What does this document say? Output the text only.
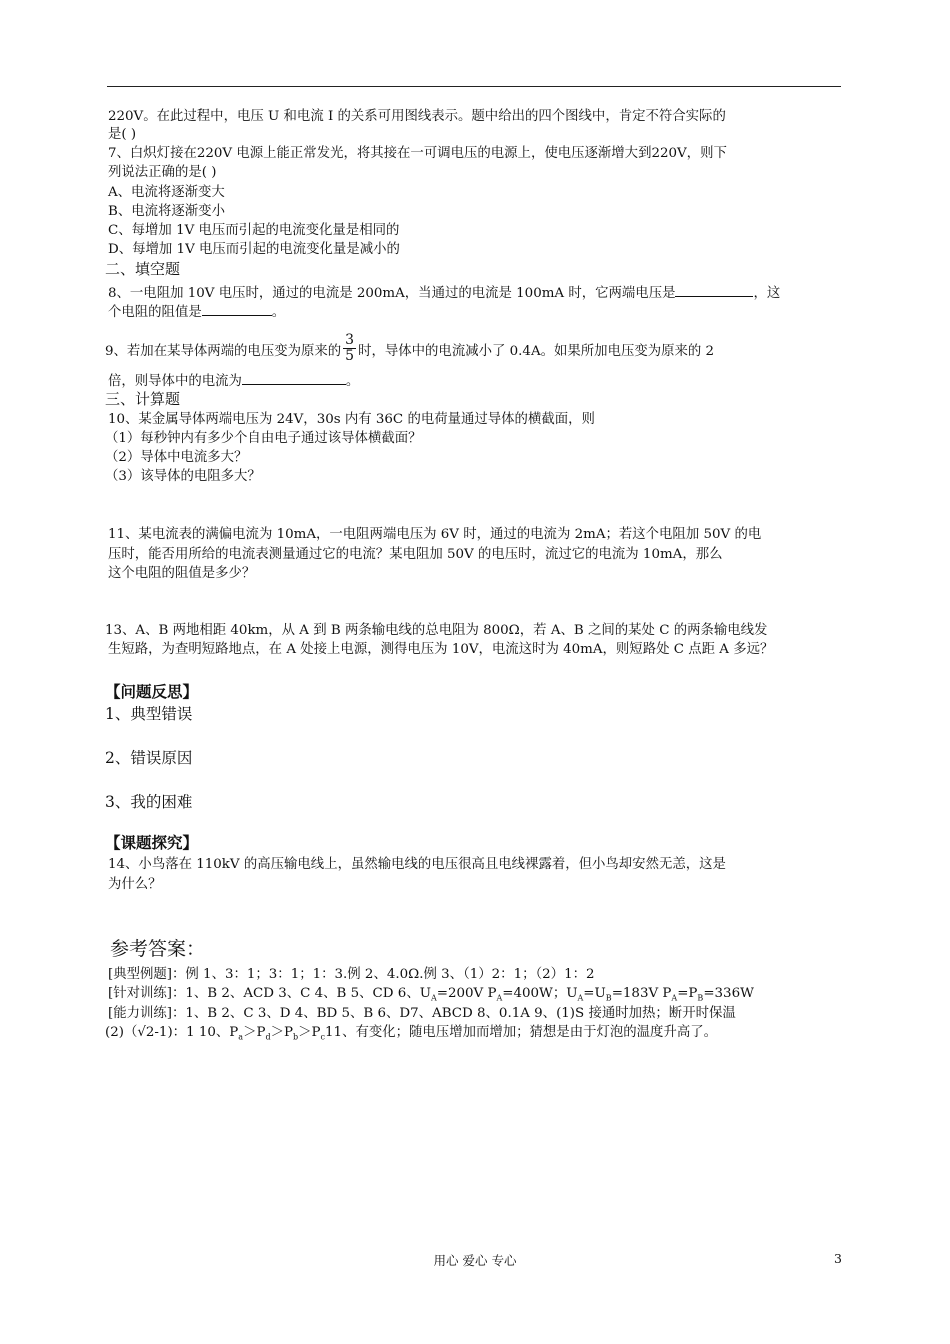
220V。在此过程中，电压 U 和电流 I 的关系可用图线表示。题中给出的四个图线中，肯定不符合实际的
是( )
7、白炽灯接在220V 电源上能正常发光，将其接在一可调电压的电源上，使电压逐渐增大到220V，则下
列说法正确的是( )
A、电流将逐渐变大
B、电流将逐渐变小
C、每增加 1V 电压而引起的电流变化量是相同的
D、每增加 1V 电压而引起的电流变化量是减小的
二、填空题
8、一电阻加 10V 电压时，通过的电流是 200mA，当通过的电流是 100mA 时，它两端电压是	，这
个电阻的阻值是	。
9、若加在某导体两端的电压变为原来的 $\frac{3}{5}$ 时，导体中的电流减小了 0.4A。如果所加电压变为原来的 2
倍，则导体中的电流为	。
三、计算题
10、某金属导体两端电压为 24V，30s 内有 36C 的电荷量通过导体的横截面，则
（1）每秒钟内有多少个自由电子通过该导体横截面？
（2）导体中电流多大？
（3）该导体的电阻多大？
11、某电流表的满偏电流为 10mA，一电阻两端电压为 6V 时，通过的电流为 2mA；若这个电阻加 50V 的电
压时，能否用所给的电流表测量通过它的电流？某电阻加 50V 的电压时，流过它的电流为 10mA，那么
这个电阻的阻值是多少？
13、A、B 两地相距 40km，从 A 到 B 两条输电线的总电阻为 800Ω，若 A、B 之间的某处 C 的两条输电线发
生短路，为查明短路地点，在 A 处接上电源，测得电压为 10V，电流这时为 40mA，则短路处 C 点距 A 多远？
【问题反思】
1、典型错误
2、错误原因
3、我的困难
【课题探究】
14、小鸟落在 110kV 的高压输电线上，虽然输电线的电压很高且电线裸露着，但小鸟却安然无恙，这是
为什么？
参考答案：
[典型例题]：例 1、3：1；3：1；1：3.例 2、4.0Ω.例 3、（1）2：1；（2）1：2
[针对训练]：1、B 2、ACD 3、C 4、B 5、CD 6、$U_A=200V$ $P_A=400W$；$U_A=U_B=183V$ $P_A=P_B=336W$
[能力训练]：1、B 2、C 3、D 4、BD 5、B 6、D7、ABCD 8、0.1A 9、(1)S 接通时加热；断开时保温
(2)（√2-1)：1 10、$P_a>P_d>P_b>P_c11$、有变化；随电压增加而增加；猜想是由于灯泡的温度升高了。
用心 爱心 专心	3
